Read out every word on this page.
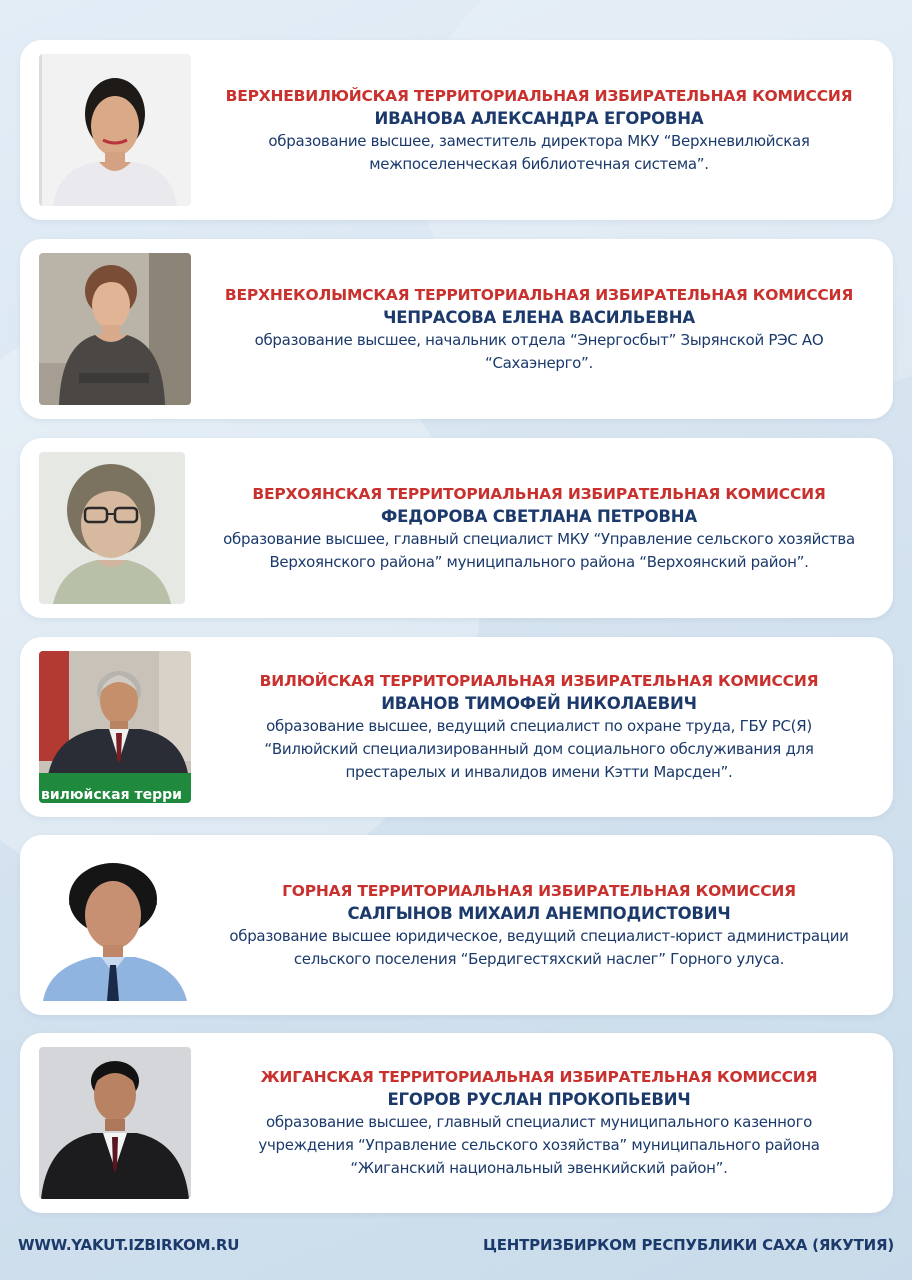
ВЕРХНЕВИЛЮЙСКАЯ ТЕРРИТОРИАЛЬНАЯ ИЗБИРАТЕЛЬНАЯ КОМИССИЯ
ИВАНОВА АЛЕКСАНДРА ЕГОРОВНА
образование высшее, заместитель директора МКУ “Верхневилюйская
межпоселенческая библиотечная система”.
ВЕРХНЕКОЛЫМСКАЯ ТЕРРИТОРИАЛЬНАЯ ИЗБИРАТЕЛЬНАЯ КОМИССИЯ
ЧЕПРАСОВА ЕЛЕНА ВАСИЛЬЕВНА
образование высшее, начальник отдела “Энергосбыт” Зырянской РЭС АО
“Сахаэнерго”.
ВЕРХОЯНСКАЯ ТЕРРИТОРИАЛЬНАЯ ИЗБИРАТЕЛЬНАЯ КОМИССИЯ
ФЕДОРОВА СВЕТЛАНА ПЕТРОВНА
образование высшее, главный специалист МКУ “Управление сельского хозяйства
Верхоянского района” муниципального района “Верхоянский район”.
вилюйская терри
ВИЛЮЙСКАЯ ТЕРРИТОРИАЛЬНАЯ ИЗБИРАТЕЛЬНАЯ КОМИССИЯ
ИВАНОВ ТИМОФЕЙ НИКОЛАЕВИЧ
образование высшее, ведущий специалист по охране труда, ГБУ РС(Я)
“Вилюйский специализированный дом социального обслуживания для
престарелых и инвалидов имени Кэтти Марсден”.
ГОРНАЯ ТЕРРИТОРИАЛЬНАЯ ИЗБИРАТЕЛЬНАЯ КОМИССИЯ
САЛГЫНОВ МИХАИЛ АНЕМПОДИСТОВИЧ
образование высшее юридическое, ведущий специалист-юрист администрации
сельского поселения “Бердигестяхский наслег” Горного улуса.
ЖИГАНСКАЯ ТЕРРИТОРИАЛЬНАЯ ИЗБИРАТЕЛЬНАЯ КОМИССИЯ
ЕГОРОВ РУСЛАН ПРОКОПЬЕВИЧ
образование высшее, главный специалист муниципального казенного
учреждения “Управление сельского хозяйства” муниципального района
“Жиганский национальный эвенкийский район”.
WWW.YAKUT.IZBIRKOM.RU	ЦЕНТРИЗБИРКОМ РЕСПУБЛИКИ САХА (ЯКУТИЯ)
